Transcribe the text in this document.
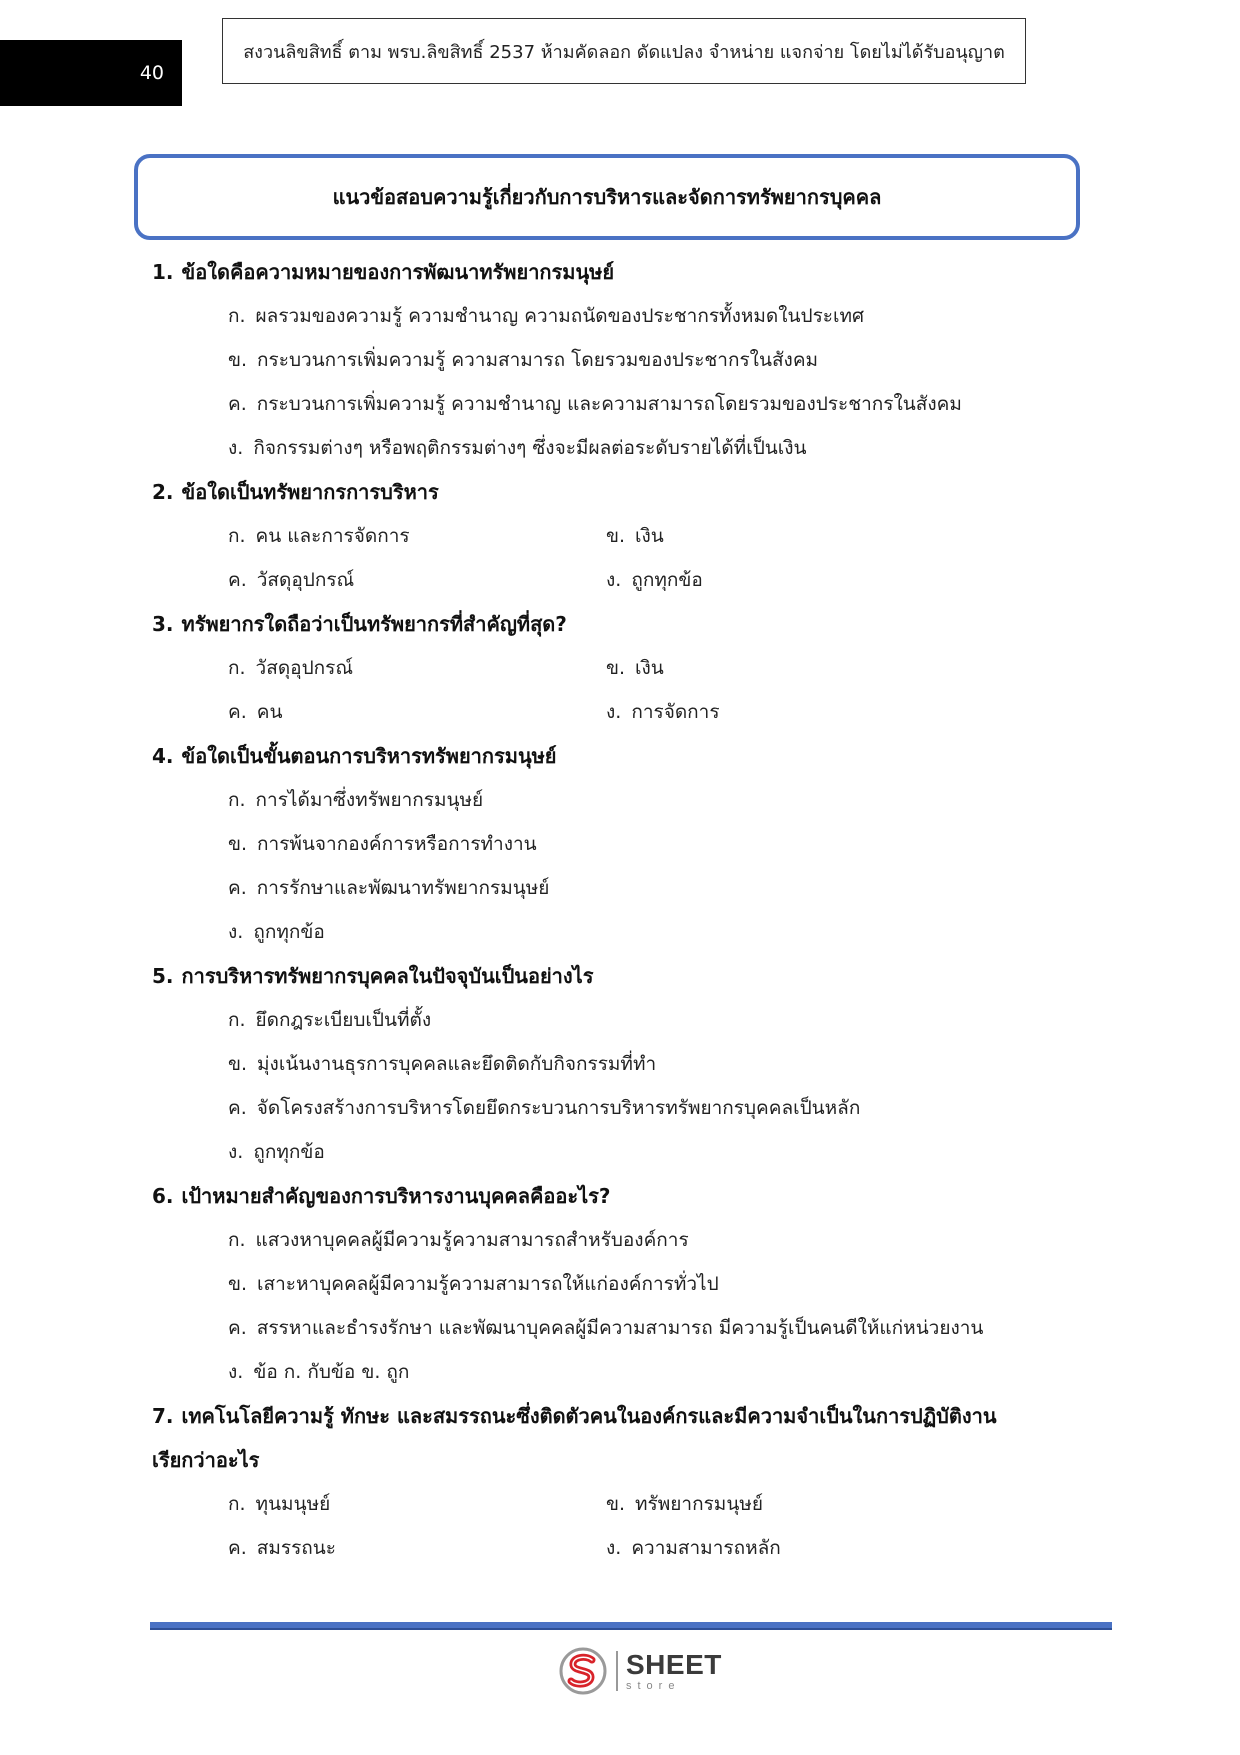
40
สงวนลิขสิทธิ์ ตาม พรบ.ลิขสิทธิ์ 2537 ห้ามคัดลอก ดัดแปลง จำหน่าย แจกจ่าย โดยไม่ได้รับอนุญาต
แนวข้อสอบความรู้เกี่ยวกับการบริหารและจัดการทรัพยากรบุคคล
1. ข้อใดคือความหมายของการพัฒนาทรัพยากรมนุษย์
ก. ผลรวมของความรู้ ความชำนาญ ความถนัดของประชากรทั้งหมดในประเทศ
ข. กระบวนการเพิ่มความรู้ ความสามารถ โดยรวมของประชากรในสังคม
ค. กระบวนการเพิ่มความรู้ ความชำนาญ และความสามารถโดยรวมของประชากรในสังคม
ง. กิจกรรมต่างๆ หรือพฤติกรรมต่างๆ ซึ่งจะมีผลต่อระดับรายได้ที่เป็นเงิน
2. ข้อใดเป็นทรัพยากรการบริหาร
ก. คน และการจัดการ	ข. เงิน
ค. วัสดุอุปกรณ์	ง. ถูกทุกข้อ
3. ทรัพยากรใดถือว่าเป็นทรัพยากรที่สำคัญที่สุด?
ก. วัสดุอุปกรณ์	ข. เงิน
ค. คน	ง. การจัดการ
4. ข้อใดเป็นขั้นตอนการบริหารทรัพยากรมนุษย์
ก. การได้มาซึ่งทรัพยากรมนุษย์
ข. การพ้นจากองค์การหรือการทำงาน
ค. การรักษาและพัฒนาทรัพยากรมนุษย์
ง. ถูกทุกข้อ
5. การบริหารทรัพยากรบุคคลในปัจจุบันเป็นอย่างไร
ก. ยึดกฎระเบียบเป็นที่ตั้ง
ข. มุ่งเน้นงานธุรการบุคคลและยึดติดกับกิจกรรมที่ทำ
ค. จัดโครงสร้างการบริหารโดยยึดกระบวนการบริหารทรัพยากรบุคคลเป็นหลัก
ง. ถูกทุกข้อ
6. เป้าหมายสำคัญของการบริหารงานบุคคลคืออะไร?
ก. แสวงหาบุคคลผู้มีความรู้ความสามารถสำหรับองค์การ
ข. เสาะหาบุคคลผู้มีความรู้ความสามารถให้แก่องค์การทั่วไป
ค. สรรหาและธำรงรักษา และพัฒนาบุคคลผู้มีความสามารถ มีความรู้เป็นคนดีให้แก่หน่วยงาน
ง. ข้อ ก. กับข้อ ข. ถูก
7. เทคโนโลยีความรู้ ทักษะ และสมรรถนะซึ่งติดตัวคนในองค์กรและมีความจำเป็นในการปฏิบัติงาน
เรียกว่าอะไร
ก. ทุนมนุษย์	ข. ทรัพยากรมนุษย์
ค. สมรรถนะ	ง. ความสามารถหลัก
SHEET
store
